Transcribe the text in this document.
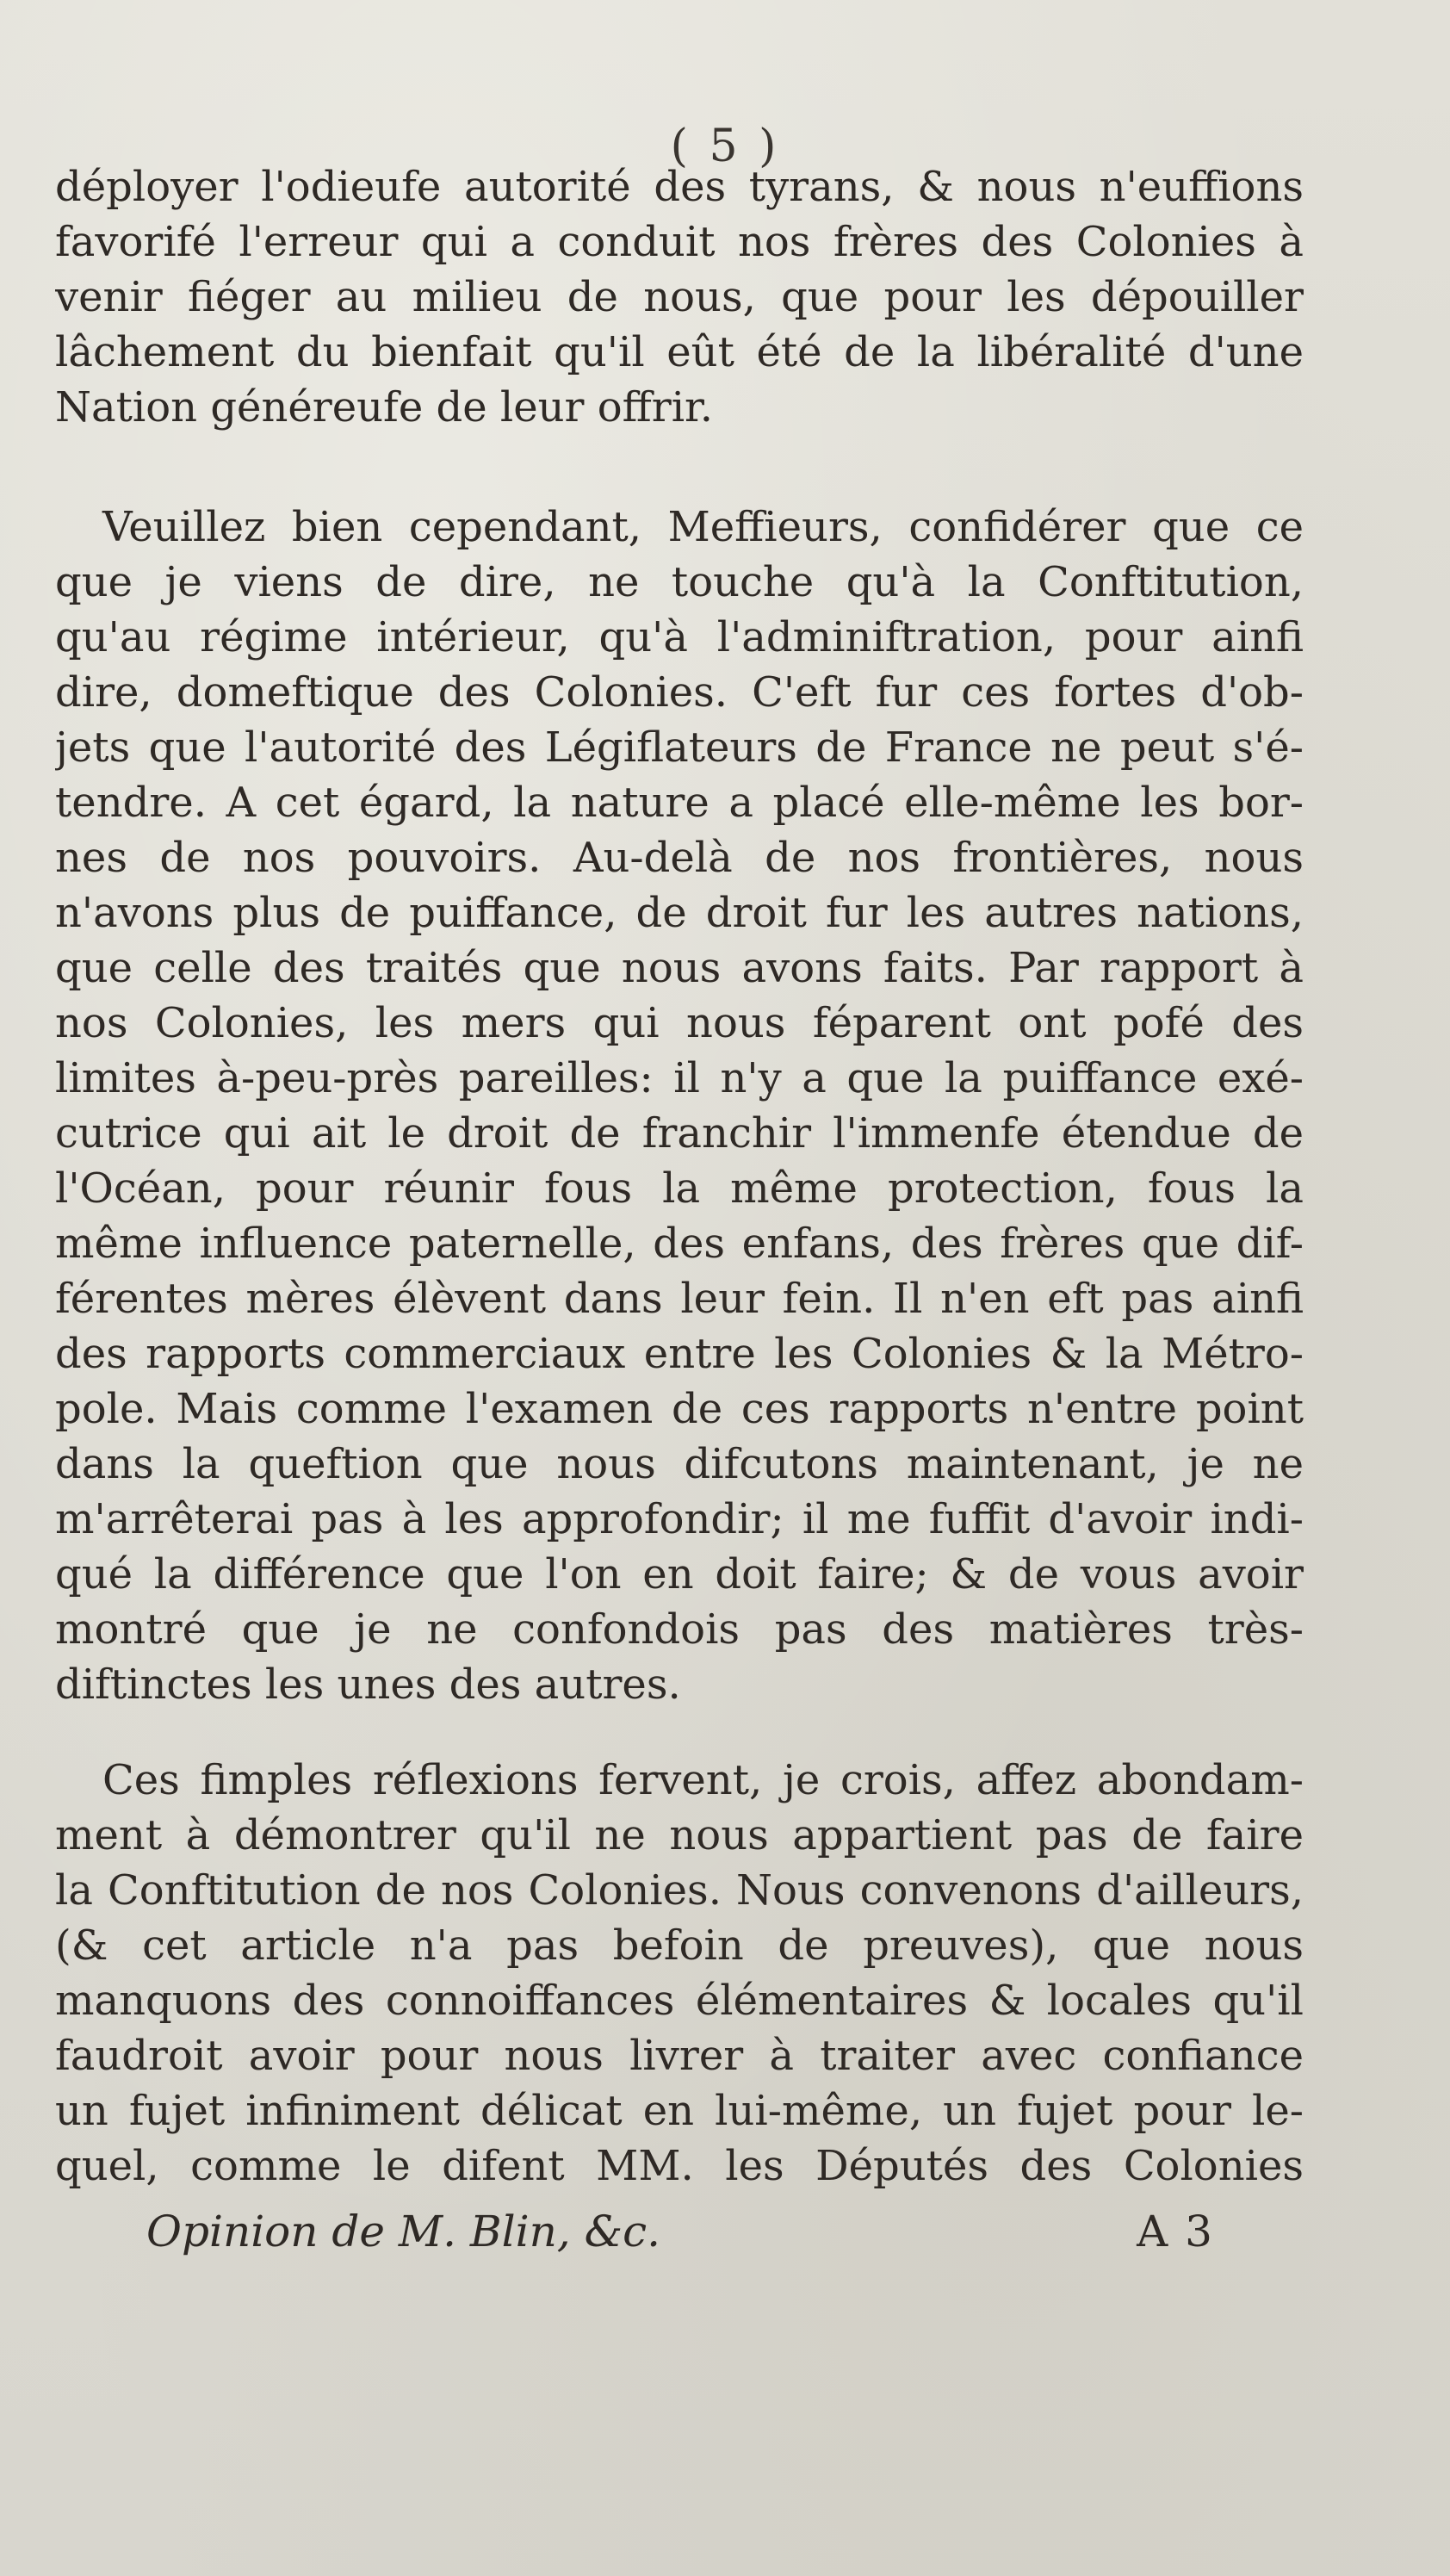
( 5 )
déployer l'odieufe autorité des tyrans, & nous n'euffions
favorifé l'erreur qui a conduit nos frères des Colonies à
venir fiéger au milieu de nous, que pour les dépouiller
lâchement du bienfait qu'il eût été de la libéralité d'une
Nation généreufe de leur offrir.
Veuillez bien cependant, Meffieurs, confidérer que ce
que je viens de dire, ne touche qu'à la Conftitution,
qu'au régime intérieur, qu'à l'adminiftration, pour ainfi
dire, domeftique des Colonies. C'eft fur ces fortes d'ob-
jets que l'autorité des Légiflateurs de France ne peut s'é-
tendre. A cet égard, la nature a placé elle-même les bor-
nes de nos pouvoirs. Au-delà de nos frontières, nous
n'avons plus de puiffance, de droit fur les autres nations,
que celle des traités que nous avons faits. Par rapport à
nos Colonies, les mers qui nous féparent ont pofé des
limites à-peu-près pareilles: il n'y a que la puiffance exé-
cutrice qui ait le droit de franchir l'immenfe étendue de
l'Océan, pour réunir fous la même protection, fous la
même influence paternelle, des enfans, des frères que dif-
férentes mères élèvent dans leur fein. Il n'en eft pas ainfi
des rapports commerciaux entre les Colonies & la Métro-
pole. Mais comme l'examen de ces rapports n'entre point
dans la queftion que nous difcutons maintenant, je ne
m'arrêterai pas à les approfondir; il me fuffit d'avoir indi-
qué la différence que l'on en doit faire; & de vous avoir
montré que je ne confondois pas des matières très-
diftinctes les unes des autres.
Ces fimples réflexions fervent, je crois, affez abondam-
ment à démontrer qu'il ne nous appartient pas de faire
la Conftitution de nos Colonies. Nous convenons d'ailleurs,
(& cet article n'a pas befoin de preuves), que nous
manquons des connoiffances élémentaires & locales qu'il
faudroit avoir pour nous livrer à traiter avec confiance
un fujet infiniment délicat en lui-même, un fujet pour le-
quel, comme le difent MM. les Députés des Colonies
Opinion de M. Blin, &c.	A 3
